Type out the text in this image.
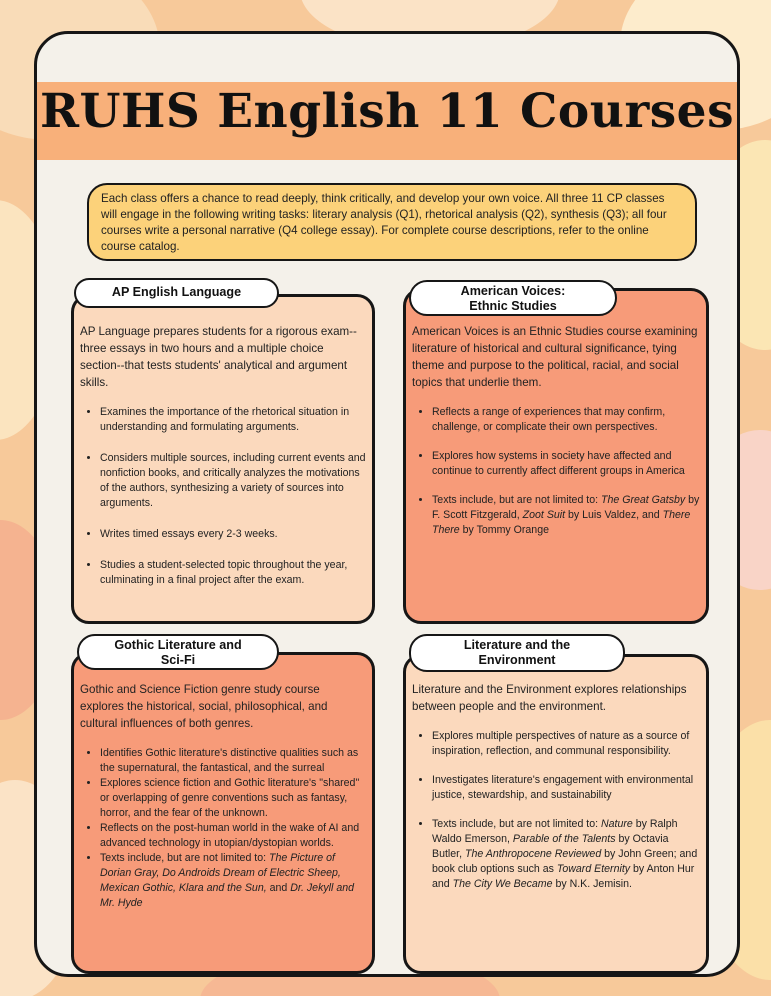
RUHS English 11 Courses
Each class offers a chance to read deeply, think critically, and develop your own voice. All three 11 CP classes will engage in the following writing tasks: literary analysis (Q1), rhetorical analysis (Q2), synthesis (Q3); all four courses write a personal narrative (Q4 college essay). For complete course descriptions, refer to the online course catalog.

AP Language prepares students for a rigorous exam--three essays in two hours and a multiple choice section--that tests students' analytical and argument skills.

• Examines the importance of the rhetorical situation in understanding and formulating arguments.
• Considers multiple sources, including current events and nonfiction books, and critically analyzes the motivations of the authors, synthesizing a variety of sources into arguments.
• Writes timed essays every 2-3 weeks.
• Studies a student-selected topic throughout the year, culminating in a final project after the exam.
AP English Language

American Voices is an Ethnic Studies course examining literature of historical and cultural significance, tying theme and purpose to the political, racial, and social topics that underlie them.

• Reflects a range of experiences that may confirm, challenge, or complicate their own perspectives.
• Explores how systems in society have affected and continue to currently affect different groups in America
• Texts include, but are not limited to: The Great Gatsby by F. Scott Fitzgerald, Zoot Suit by Luis Valdez, and There There by Tommy Orange
American Voices:
Ethnic Studies

Gothic and Science Fiction genre study course explores the historical, social, philosophical, and cultural influences of both genres.

• Identifies Gothic literature's distinctive qualities such as the supernatural, the fantastical, and the surreal
• Explores science fiction and Gothic literature's "shared" or overlapping of genre conventions such as fantasy, horror, and the fear of the unknown.
• Reflects on the post-human world in the wake of AI and advanced technology in utopian/dystopian worlds.
• Texts include, but are not limited to: The Picture of Dorian Gray, Do Androids Dream of Electric Sheep, Mexican Gothic, Klara and the Sun, and Dr. Jekyll and Mr. Hyde
Gothic Literature and
Sci-Fi

Literature and the Environment explores relationships between people and the environment.

• Explores multiple perspectives of nature as a source of inspiration, reflection, and communal responsibility.
• Investigates literature's engagement with environmental justice, stewardship, and sustainability
• Texts include, but are not limited to: Nature by Ralph Waldo Emerson, Parable of the Talents by Octavia Butler, The Anthropocene Reviewed by John Green; and book club options such as Toward Eternity by Anton Hur and The City We Became by N.K. Jemisin.
Literature and the
Environment
